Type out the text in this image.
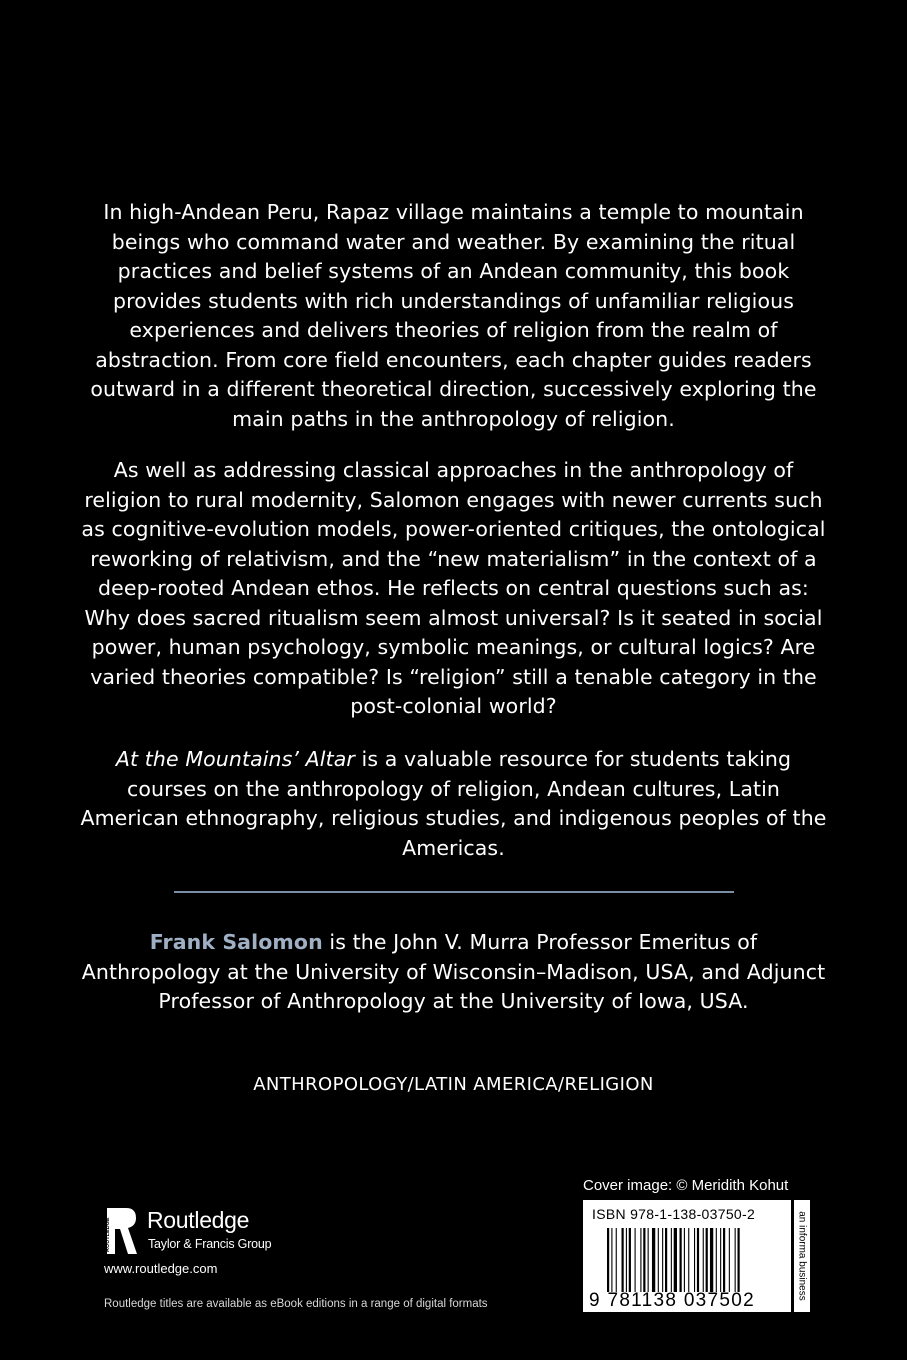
In high-Andean Peru, Rapaz village maintains a temple to mountain beings who command water and weather. By examining the ritual practices and belief systems of an Andean community, this book provides students with rich understandings of unfamiliar religious experiences and delivers theories of religion from the realm of abstraction. From core field encounters, each chapter guides readers outward in a different theoretical direction, successively exploring the main paths in the anthropology of religion.

As well as addressing classical approaches in the anthropology of religion to rural modernity, Salomon engages with newer currents such as cognitive-evolution models, power-oriented critiques, the ontological reworking of relativism, and the “new materialism” in the context of a deep-rooted Andean ethos. He reflects on central questions such as: Why does sacred ritualism seem almost universal? Is it seated in social power, human psychology, symbolic meanings, or cultural logics? Are varied theories compatible? Is “religion” still a tenable category in the post-colonial world?

At the Mountains’ Altar is a valuable resource for students taking courses on the anthropology of religion, Andean cultures, Latin American ethnography, religious studies, and indigenous peoples of the Americas.

Frank Salomon is the John V. Murra Professor Emeritus of Anthropology at the University of Wisconsin–Madison, USA, and Adjunct Professor of Anthropology at the University of Iowa, USA.

ANTHROPOLOGY/LATIN AMERICA/RELIGION
ROUTLEDGE Routledge
Taylor & Francis Group
www.routledge.com
Routledge titles are available as eBook editions in a range of digital formats
Cover image: © Meridith Kohut
ISBN 978-1-138-03750-2
9 781138 037502	an informa business
